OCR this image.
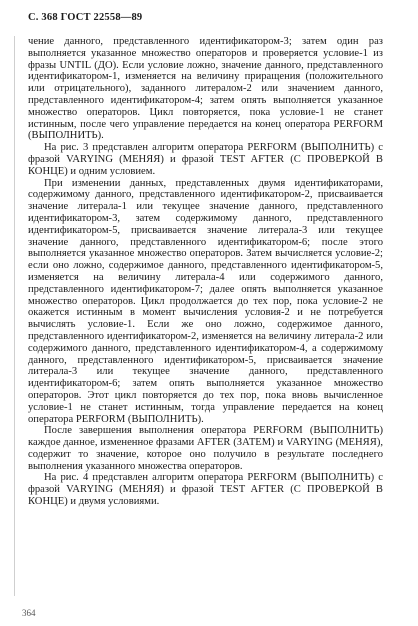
С. 368 ГОСТ 22558—89

чение данного, представленного идентификатором-3; затем один раз выполняется указанное множество операторов и проверяется условие-1 из фразы UNTIL (ДО). Если условие ложно, значение данного, представленного идентификатором-1, изменяется на величину приращения (положительного или отрицательного), заданного литералом-2 или значением данного, представленного идентификатором-4; затем опять выполняется указанное множество операторов. Цикл повторяется, пока условие-1 не станет истинным, после чего управление передается на конец оператора PERFORM (ВЫПОЛНИТЬ).

На рис. 3 представлен алгоритм оператора PERFORM (ВЫПОЛНИТЬ) с фразой VARYING (МЕНЯЯ) и фразой TEST AFTER (С ПРОВЕРКОЙ В КОНЦЕ) и одним условием.

При изменении данных, представленных двумя идентификаторами, содержимому данного, представленного идентификатором-2, присваивается значение литерала-1 или текущее значение данного, представленного идентификатором-3, затем содержимому данного, представленного идентификатором-5, присваивается значение литерала-3 или текущее значение данного, представленного идентификатором-6; после этого выполняется указанное множество операторов. Затем вычисляется условие-2; если оно ложно, содержимое данного, представленного идентификатором-5, изменяется на величину литерала-4 или содержимого данного, представленного идентификатором-7; далее опять выполняется указанное множество операторов. Цикл продолжается до тех пор, пока условие-2 не окажется истинным в момент вычисления условия-2 и не потребуется вычислять условие-1. Если же оно ложно, содержимое данного, представленного идентификатором-2, изменяется на величину литерала-2 или содержимого данного, представленного идентификатором-4, а содержимому данного, представленного идентификатором-5, присваивается значение литерала-3 или текущее значение данного, представленного идентификатором-6; затем опять выполняется указанное множество операторов. Этот цикл повторяется до тех пор, пока вновь вычисленное условие-1 не станет истинным, тогда управление передается на конец оператора PERFORM (ВЫПОЛНИТЬ).

После завершения выполнения оператора PERFORM (ВЫПОЛНИТЬ) каждое данное, измененное фразами AFTER (ЗАТЕМ) и VARYING (МЕНЯЯ), содержит то значение, которое оно получило в результате последнего выполнения указанного множества операторов.

На рис. 4 представлен алгоритм оператора PERFORM (ВЫПОЛНИТЬ) с фразой VARYING (МЕНЯЯ) и фразой TEST AFTER (С ПРОВЕРКОЙ В КОНЦЕ) и двумя условиями.

364
